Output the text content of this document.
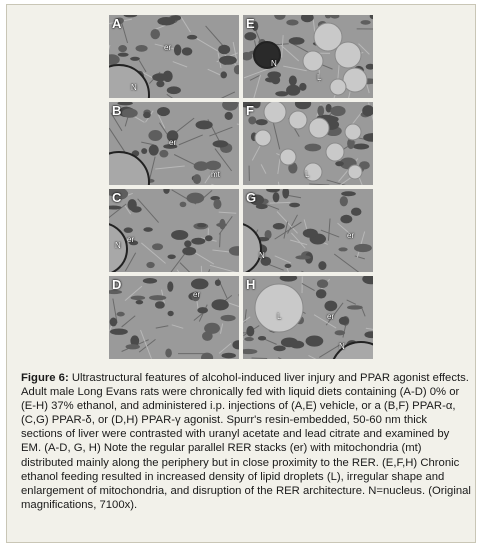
A
er
N
E
N
L
B
er
mt
F
L
C
er
N
G
er
N
D
er
H
L	er
N
Figure 6: Ultrastructural features of alcohol-induced liver injury and PPAR agonist effects. Adult male Long Evans rats were chronically fed with liquid diets containing (A-D) 0% or (E-H) 37% ethanol, and administered i.p. injections of (A,E) vehicle, or a (B,F) PPAR-α, (C,G) PPAR-δ, or (D,H) PPAR-γ agonist. Spurr's resin-embedded, 50-60 nm thick sections of liver were contrasted with uranyl acetate and lead citrate and examined by EM. (A-D, G, H) Note the regular parallel RER stacks (er) with mitochondria (mt) distributed mainly along the periphery but in close proximity to the RER. (E,F,H) Chronic ethanol feeding resulted in increased density of lipid droplets (L), irregular shape and enlargement of mitochondria, and disruption of the RER architecture. N=nucleus. (Original magnifications, 7100x).
